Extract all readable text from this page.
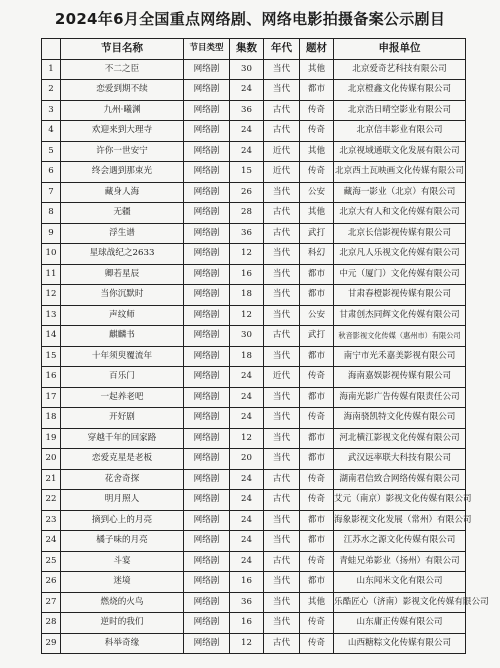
2024年6月全国重点网络剧、网络电影拍摄备案公示剧目
	节目名称	节目类型	集数	年代	题材	申报单位
1	不二之臣	网络剧	30	当代	其他	北京爱奇艺科技有限公司
2	恋爱到期不续	网络剧	24	当代	都市	北京橙鑫文化传媒有限公司
3	九州·曦渊	网络剧	36	古代	传奇	北京浩日晴空影业有限公司
4	欢迎来到大理寺	网络剧	24	古代	传奇	北京信丰影业有限公司
5	许你一世安宁	网络剧	24	近代	其他	北京视域通联文化发展有限公司
6	终会遇到那束光	网络剧	15	近代	传奇	北京西土瓦映画文化传媒有限公司
7	藏身人海	网络剧	26	当代	公安	藏海一影业（北京）有限公司
8	无疆	网络剧	28	古代	其他	北京大有人和文化传媒有限公司
9	浮生谱	网络剧	36	古代	武打	北京长信影视传媒有限公司
10	星球战纪之2633	网络剧	12	当代	科幻	北京凡人乐视文化传媒有限公司
11	卿若星辰	网络剧	16	当代	都市	中元（厦门）文化传媒有限公司
12	当你沉默时	网络剧	18	当代	都市	甘肃春橙影视传媒有限公司
13	声纹师	网络剧	12	当代	公安	甘肃创杰同辉文化传媒有限公司
14	麒麟书	网络剧	30	古代	武打	秋音影视文化传媒（惠州市）有限公司
15	十年须臾覆流年	网络剧	18	当代	都市	南宁市光禾嘉美影视有限公司
16	百乐门	网络剧	24	近代	传奇	海南嘉娱影视传媒有限公司
17	一起养老吧	网络剧	24	当代	都市	海南光影广告传媒有限责任公司
18	开好剧	网络剧	24	当代	传奇	海南骁凯特文化传媒有限公司
19	穿越千年的回家路	网络剧	12	当代	都市	河北横江影视文化传媒有限公司
20	恋爱克星是老板	网络剧	20	当代	都市	武汉远率联大科技有限公司
21	花舍奇探	网络剧	24	古代	传奇	湖南君信致合网络传媒有限公司
22	明月照人	网络剧	24	古代	传奇	艾元（南京）影视文化传媒有限公司
23	摘到心上的月亮	网络剧	24	当代	都市	海象影视文化发展（常州）有限公司
24	橘子味的月亮	网络剧	24	当代	都市	江苏水之源文化传媒有限公司
25	斗宴	网络剧	24	古代	传奇	青蛙兄弟影业（扬州）有限公司
26	迷境	网络剧	16	当代	都市	山东闻米文化有限公司
27	燃烧的火鸟	网络剧	36	当代	其他	乐酷匠心（济南）影视文化传媒有限公司
28	逆时的我们	网络剧	16	当代	传奇	山东庸正传媒有限公司
29	科举奇缘	网络剧	12	古代	传奇	山西糖粽文化传媒有限公司
